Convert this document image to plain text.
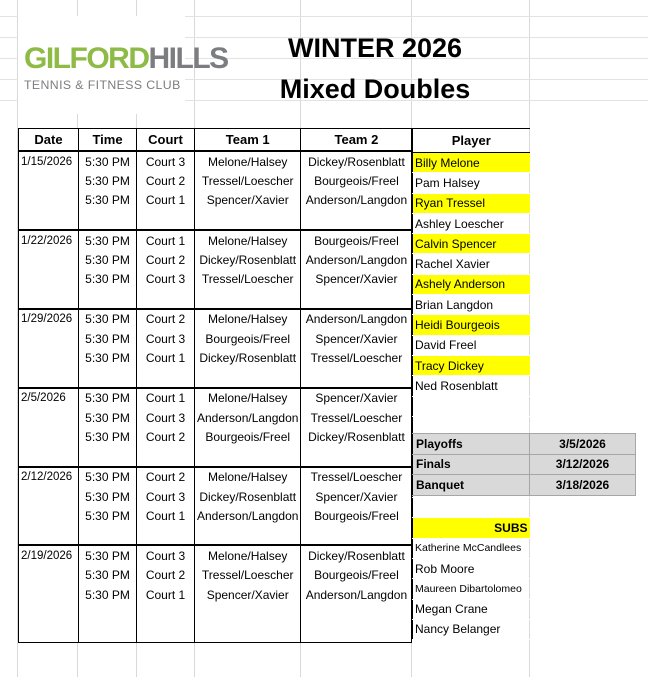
GILFORDHILLS
TENNIS & FITNESS CLUB
WINTER 2026
Mixed Doubles
Date	Time	Court	Team 1	Team 2
1/15/2026	5:30 PM	Court 3	Melone/Halsey	Dickey/Rosenblatt
	5:30 PM	Court 2	Tressel/Loescher	Bourgeois/Freel
	5:30 PM	Court 1	Spencer/Xavier	Anderson/Langdon

1/22/2026	5:30 PM	Court 1	Melone/Halsey	Bourgeois/Freel
	5:30 PM	Court 2	Dickey/Rosenblatt	Anderson/Langdon
	5:30 PM	Court 3	Tressel/Loescher	Spencer/Xavier

1/29/2026	5:30 PM	Court 2	Melone/Halsey	Anderson/Langdon
	5:30 PM	Court 3	Bourgeois/Freel	Spencer/Xavier
	5:30 PM	Court 1	Dickey/Rosenblatt	Tressel/Loescher

2/5/2026	5:30 PM	Court 1	Melone/Halsey	Spencer/Xavier
	5:30 PM	Court 3	Anderson/Langdon	Tressel/Loescher
	5:30 PM	Court 2	Bourgeois/Freel	Dickey/Rosenblatt

2/12/2026	5:30 PM	Court 2	Melone/Halsey	Tressel/Loescher
	5:30 PM	Court 3	Dickey/Rosenblatt	Spencer/Xavier
	5:30 PM	Court 1	Anderson/Langdon	Bourgeois/Freel

2/19/2026	5:30 PM	Court 3	Melone/Halsey	Dickey/Rosenblatt
	5:30 PM	Court 2	Tressel/Loescher	Bourgeois/Freel
	5:30 PM	Court 1	Spencer/Xavier	Anderson/Langdon

Player
Billy Melone
Pam Halsey
Ryan Tressel
Ashley Loescher
Calvin Spencer
Rachel Xavier
Ashely Anderson
Brian Langdon
Heidi Bourgeois
David Freel
Tracy Dickey
Ned Rosenblatt

SUBS
Katherine McCandlees
Rob Moore
Maureen Dibartolomeo
Megan Crane
Nancy Belanger
Playoffs	3/5/2026
Finals	3/12/2026
Banquet	3/18/2026
